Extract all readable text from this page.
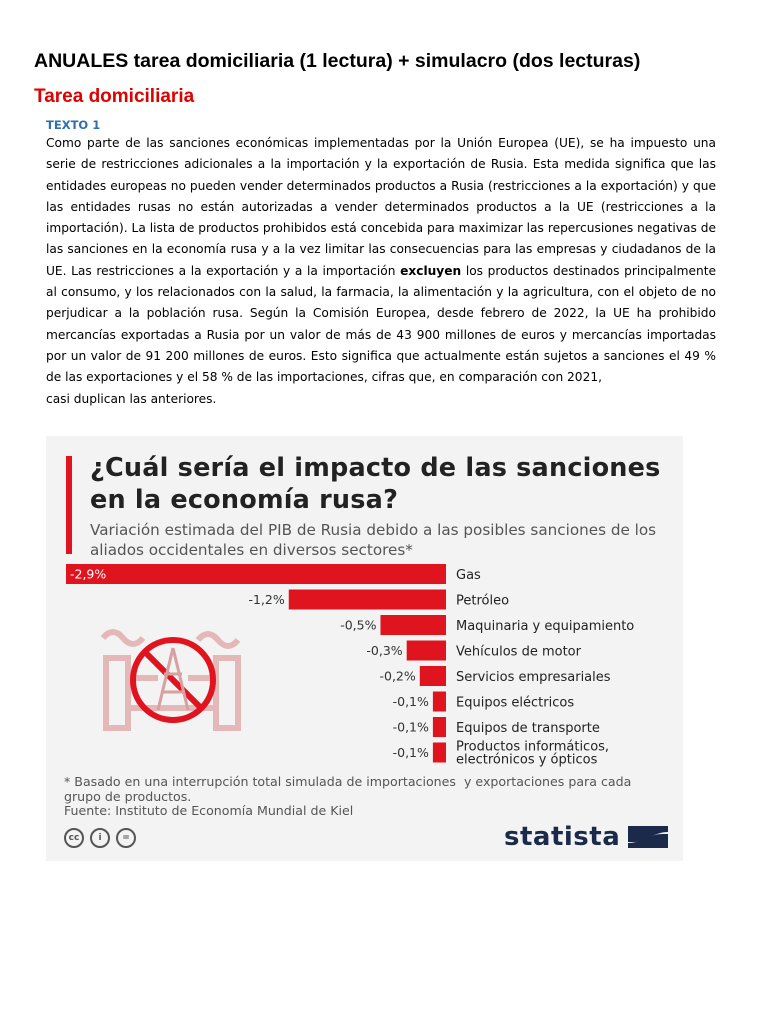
ANUALES tarea domiciliaria (1 lectura) + simulacro (dos lecturas)
Tarea domiciliaria
TEXTO 1

Como parte de las sanciones económicas implementadas por la Unión Europea (UE), se ha impuesto una serie de restricciones adicionales a la importación y la exportación de Rusia. Esta medida significa que las entidades europeas no pueden vender determinados productos a Rusia (restricciones a la exportación) y que las entidades rusas no están autorizadas a vender determinados productos a la UE (restricciones a la importación). La lista de productos prohibidos está concebida para maximizar las repercusiones negativas de las sanciones en la economía rusa y a la vez limitar las consecuencias para las empresas y ciudadanos de la UE. Las restricciones a la exportación y a la importación excluyen los productos destinados principalmente al consumo, y los relacionados con la salud, la farmacia, la alimentación y la agricultura, con el objeto de no perjudicar a la población rusa. Según la Comisión Europea, desde febrero de 2022, la UE ha prohibido mercancías exportadas a Rusia por un valor de más de 43 900 millones de euros y mercancías importadas por un valor de 91 200 millones de euros. Esto significa que actualmente están sujetos a sanciones el 49 % de las exportaciones y el 58 % de las importaciones, cifras que, en comparación con 2021,

casi duplican las anteriores.

¿Cuál sería el impacto de las sanciones en la economía rusa?
Variación estimada del PIB de Rusia debido a las posibles sanciones de los aliados occidentales en diversos sectores*
-2,9%	Gas
-1,2%	Petróleo
-0,5%	Maquinaria y equipamiento
-0,3%	Vehículos de motor
-0,2%	Servicios empresariales
-0,1% Equipos eléctricos
-0,1% Equipos de transporte
-0,1% Productos informáticos, electrónicos y ópticos
* Basado en una interrupción total simulada de importaciones  y exportaciones para cada grupo de productos.
Fuente: Instituto de Economía Mundial de Kiel
cc	i	=	statista
